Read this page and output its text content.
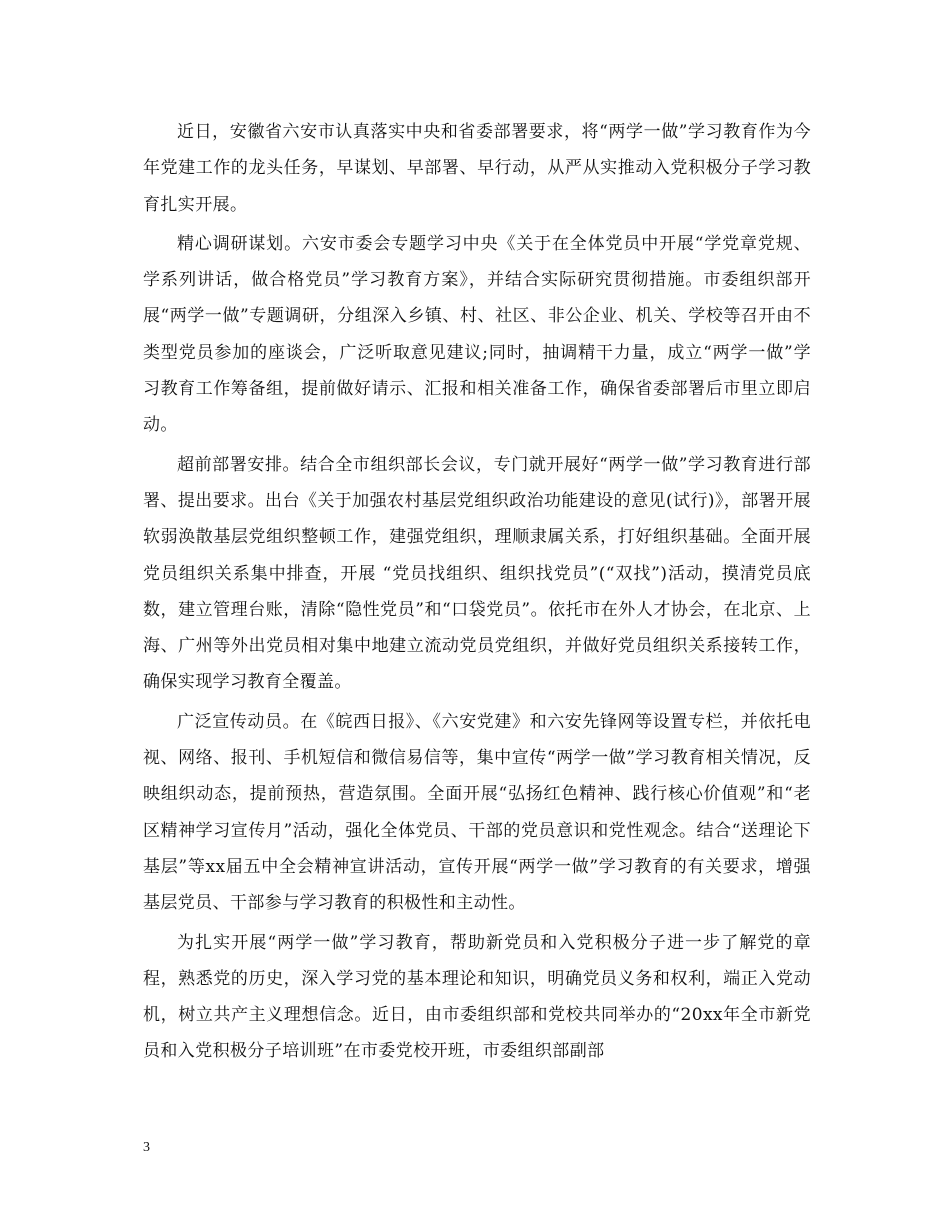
近日，安徽省六安市认真落实中央和省委部署要求，将“两学一做”学习教育作为今年党建工作的龙头任务，早谋划、早部署、早行动，从严从实推动入党积极分子学习教育扎实开展。

精心调研谋划。六安市委会专题学习中央《关于在全体党员中开展“学党章党规、学系列讲话，做合格党员”学习教育方案》，并结合实际研究贯彻措施。市委组织部开展“两学一做”专题调研，分组深入乡镇、村、社区、非公企业、机关、学校等召开由不类型党员参加的座谈会，广泛听取意见建议;同时，抽调精干力量，成立“两学一做”学习教育工作筹备组，提前做好请示、汇报和相关准备工作，确保省委部署后市里立即启动。

超前部署安排。结合全市组织部长会议，专门就开展好“两学一做”学习教育进行部署、提出要求。出台《关于加强农村基层党组织政治功能建设的意见(试行)》，部署开展软弱涣散基层党组织整顿工作，建强党组织，理顺隶属关系，打好组织基础。全面开展党员组织关系集中排查，开展 “党员找组织、组织找党员”(“双找”)活动，摸清党员底数，建立管理台账，清除“隐性党员”和“口袋党员”。依托市在外人才协会，在北京、上海、广州等外出党员相对集中地建立流动党员党组织，并做好党员组织关系接转工作，确保实现学习教育全覆盖。

广泛宣传动员。在《皖西日报》、《六安党建》和六安先锋网等设置专栏，并依托电视、网络、报刊、手机短信和微信易信等，集中宣传“两学一做”学习教育相关情况，反映组织动态，提前预热，营造氛围。全面开展“弘扬红色精神、践行核心价值观”和“老区精神学习宣传月”活动，强化全体党员、干部的党员意识和党性观念。结合“送理论下基层”等xx届五中全会精神宣讲活动，宣传开展“两学一做”学习教育的有关要求，增强基层党员、干部参与学习教育的积极性和主动性。

为扎实开展“两学一做”学习教育，帮助新党员和入党积极分子进一步了解党的章程，熟悉党的历史，深入学习党的基本理论和知识，明确党员义务和权利，端正入党动机，树立共产主义理想信念。近日，由市委组织部和党校共同举办的“20xx年全市新党员和入党积极分子培训班”在市委党校开班，市委组织部副部

3
